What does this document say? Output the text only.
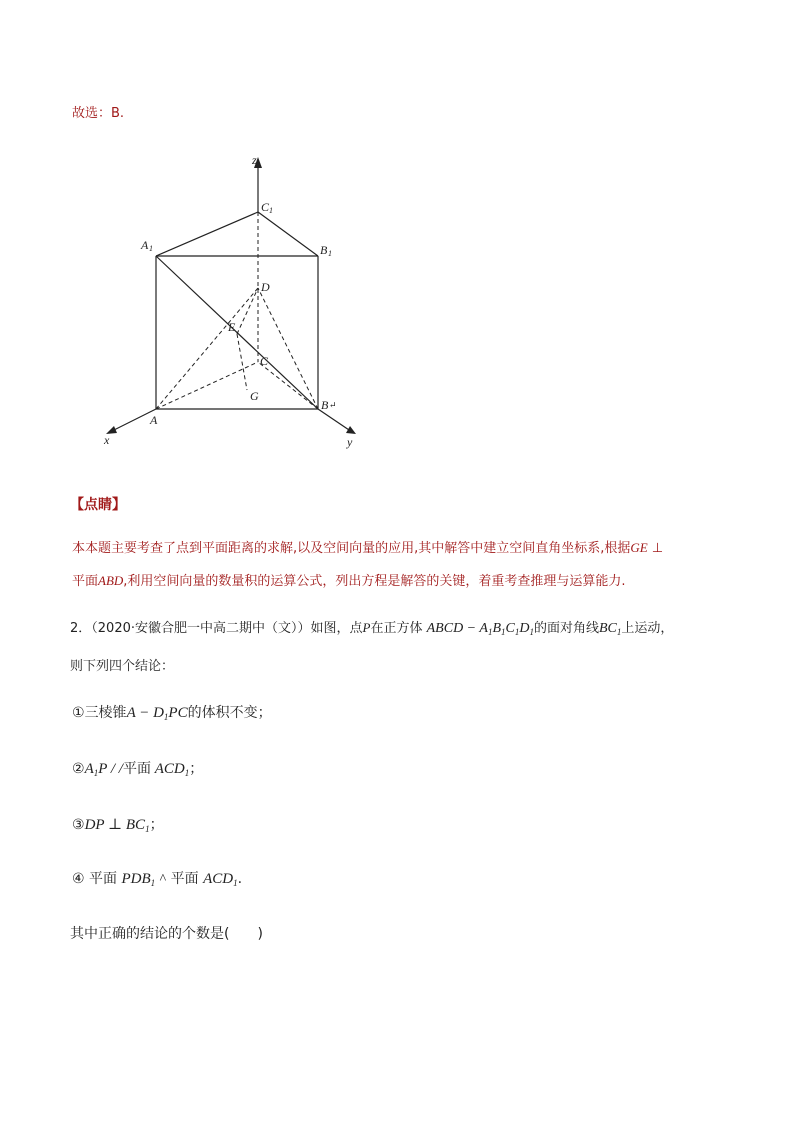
故选：B.
z
x	y
C 1
A 1	B 1
D
E
C
G
A
B ↵
【点睛】
本本题主要考查了点到平面距离的求解,以及空间向量的应用,其中解答中建立空间直角坐标系,根据GE ⊥
平面ABD,利用空间向量的数量积的运算公式，列出方程是解答的关键，着重考查推理与运算能力.
2．（2020·安徽合肥一中高二期中（文））如图，点P在正方体 ABCD − $A_1B_1C_1D_1$的面对角线$BC_1$上运动，
则下列四个结论：
①三棱锥$A - D_1PC$的体积不变；
$②A_1P$ / /平面 $ACD_1$；
③DP ⊥ $BC_1$；
④ 平面 $PDB_1$ ^ 平面 $ACD_1$.
其中正确的结论的个数是(　　)
